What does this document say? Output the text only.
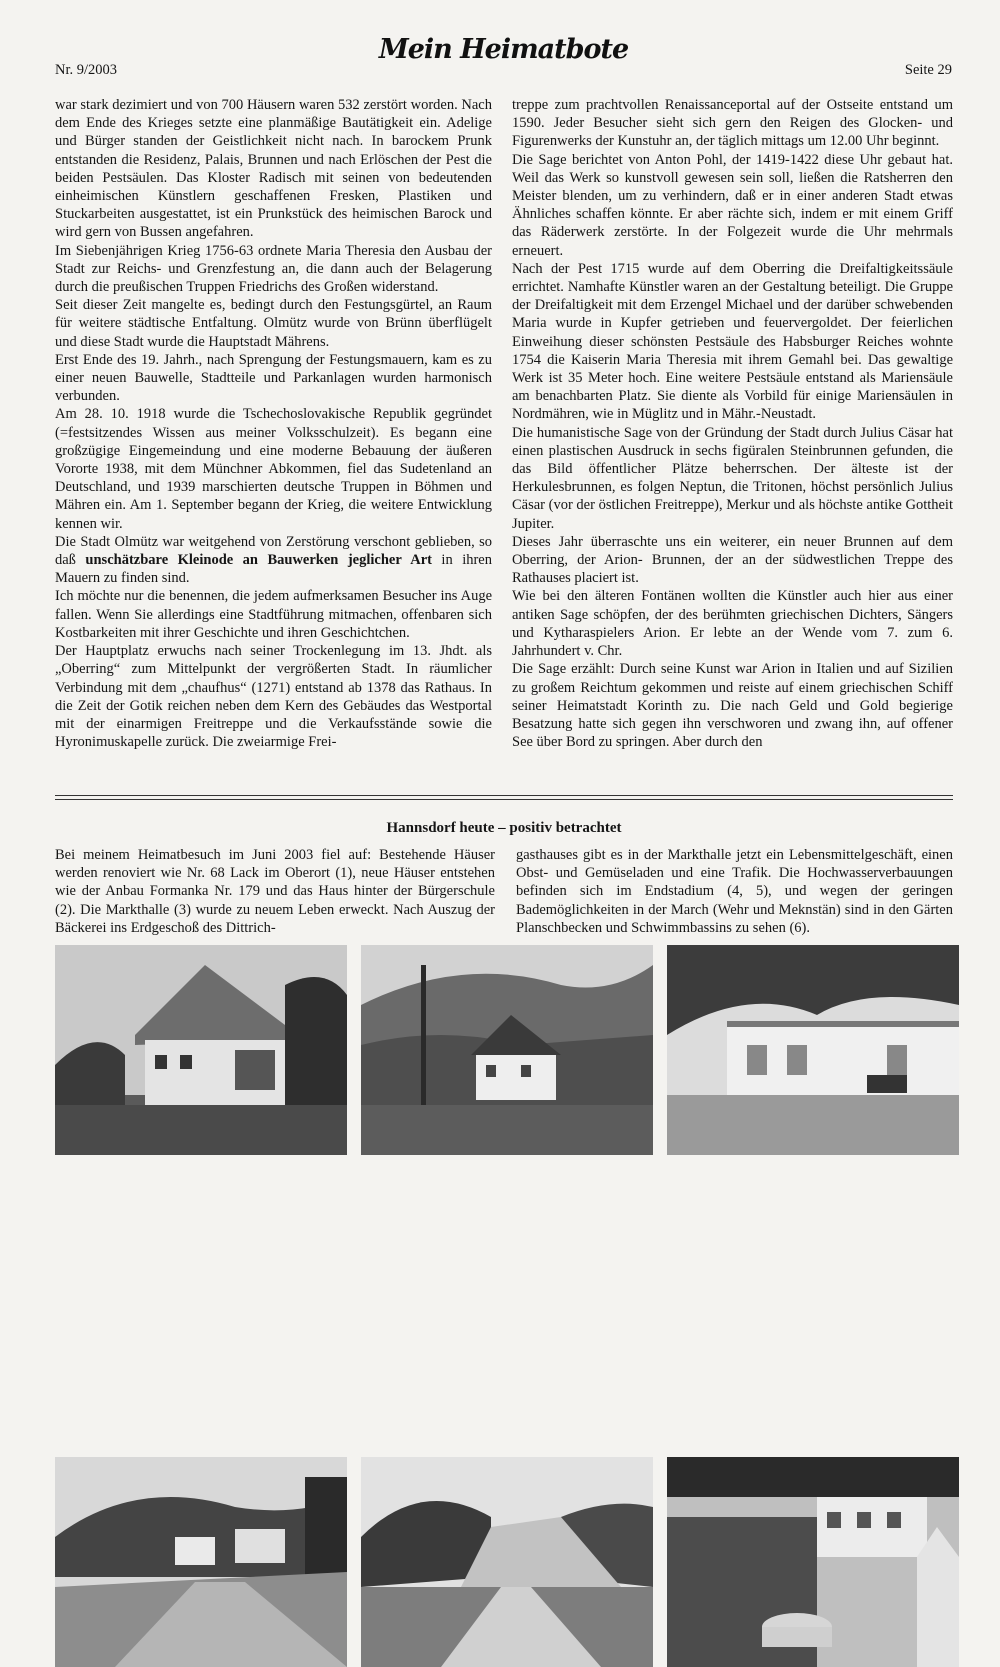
Nr. 9/2003
Mein Heimatbote
Seite 29

war stark dezimiert und von 700 Häusern waren 532 zerstört worden. Nach dem Ende des Krieges setzte eine planmäßige Bautätigkeit ein. Adelige und Bürger standen der Geistlichkeit nicht nach. In barockem Prunk entstanden die Residenz, Palais, Brunnen und nach Erlöschen der Pest die beiden Pestsäulen. Das Kloster Radisch mit seinen von bedeutenden einheimischen Künstlern geschaffenen Fresken, Plastiken und Stuckarbeiten ausgestattet, ist ein Prunkstück des heimischen Barock und wird gern von Bussen angefahren.

Im Siebenjährigen Krieg 1756-63 ordnete Maria Theresia den Ausbau der Stadt zur Reichs- und Grenzfestung an, die dann auch der Belagerung durch die preußischen Truppen Friedrichs des Großen widerstand.

Seit dieser Zeit mangelte es, bedingt durch den Festungsgürtel, an Raum für weitere städtische Entfaltung. Olmütz wurde von Brünn überflügelt und diese Stadt wurde die Hauptstadt Mährens.

Erst Ende des 19. Jahrh., nach Sprengung der Festungsmauern, kam es zu einer neuen Bauwelle, Stadtteile und Parkanlagen wurden harmonisch verbunden.

Am 28. 10. 1918 wurde die Tschechoslovakische Republik gegründet (=festsitzendes Wissen aus meiner Volksschulzeit). Es begann eine großzügige Eingemeindung und eine moderne Bebauung der äußeren Vororte 1938, mit dem Münchner Abkommen, fiel das Sudetenland an Deutschland, und 1939 marschierten deutsche Truppen in Böhmen und Mähren ein. Am 1. September begann der Krieg, die weitere Entwicklung kennen wir.

Die Stadt Olmütz war weitgehend von Zerstörung verschont geblieben, so daß unschätzbare Kleinode an Bauwerken jeglicher Art in ihren Mauern zu finden sind.

Ich möchte nur die benennen, die jedem aufmerksamen Besucher ins Auge fallen. Wenn Sie allerdings eine Stadtführung mitmachen, offenbaren sich Kostbarkeiten mit ihrer Geschichte und ihren Geschichtchen.

Der Hauptplatz erwuchs nach seiner Trockenlegung im 13. Jhdt. als „Oberring“ zum Mittelpunkt der vergrößerten Stadt. In räumlicher Verbindung mit dem „chaufhus“ (1271) entstand ab 1378 das Rathaus. In die Zeit der Gotik reichen neben dem Kern des Gebäudes das Westportal mit der einarmigen Freitreppe und die Verkaufsstände sowie die Hyronimuskapelle zurück. Die zweiarmige Frei-

treppe zum prachtvollen Renaissanceportal auf der Ostseite entstand um 1590. Jeder Besucher sieht sich gern den Reigen des Glocken- und Figurenwerks der Kunstuhr an, der täglich mittags um 12.00 Uhr beginnt.

Die Sage berichtet von Anton Pohl, der 1419-1422 diese Uhr gebaut hat. Weil das Werk so kunstvoll gewesen sein soll, ließen die Ratsherren den Meister blenden, um zu verhindern, daß er in einer anderen Stadt etwas Ähnliches schaffen könnte. Er aber rächte sich, indem er mit einem Griff das Räderwerk zerstörte. In der Folgezeit wurde die Uhr mehrmals erneuert.

Nach der Pest 1715 wurde auf dem Oberring die Dreifaltigkeitssäule errichtet. Namhafte Künstler waren an der Gestaltung beteiligt. Die Gruppe der Dreifaltigkeit mit dem Erzengel Michael und der darüber schwebenden Maria wurde in Kupfer getrieben und feuervergoldet. Der feierlichen Einweihung dieser schönsten Pestsäule des Habsburger Reiches wohnte 1754 die Kaiserin Maria Theresia mit ihrem Gemahl bei. Das gewaltige Werk ist 35 Meter hoch. Eine weitere Pestsäule entstand als Mariensäule am benachbarten Platz. Sie diente als Vorbild für einige Mariensäulen in Nordmähren, wie in Müglitz und in Mähr.-Neustadt.

Die humanistische Sage von der Gründung der Stadt durch Julius Cäsar hat einen plastischen Ausdruck in sechs figüralen Steinbrunnen gefunden, die das Bild öffentlicher Plätze beherrschen. Der älteste ist der Herkulesbrunnen, es folgen Neptun, die Tritonen, höchst persönlich Julius Cäsar (vor der östlichen Freitreppe), Merkur und als höchste antike Gottheit Jupiter.

Dieses Jahr überraschte uns ein weiterer, ein neuer Brunnen auf dem Oberring, der Arion- Brunnen, der an der südwestlichen Treppe des Rathauses placiert ist.

Wie bei den älteren Fontänen wollten die Künstler auch hier aus einer antiken Sage schöpfen, der des berühmten griechischen Dichters, Sängers und Kytharaspielers Arion. Er lebte an der Wende vom 7. zum 6. Jahrhundert v. Chr.

Die Sage erzählt: Durch seine Kunst war Arion in Italien und auf Sizilien zu großem Reichtum gekommen und reiste auf einem griechischen Schiff seiner Heimatstadt Korinth zu. Die nach Geld und Gold begierige Besatzung hatte sich gegen ihn verschworen und zwang ihn, auf offener See über Bord zu springen. Aber durch den

Hannsdorf heute – positiv betrachtet

Bei meinem Heimatbesuch im Juni 2003 fiel auf: Bestehende Häuser werden renoviert wie Nr. 68 Lack im Oberort (1), neue Häuser entstehen wie der Anbau Formanka Nr. 179 und das Haus hinter der Bürgerschule (2). Die Markthalle (3) wurde zu neuem Leben erweckt. Nach Auszug der Bäckerei ins Erdgeschoß des Dittrich-

gasthauses gibt es in der Markthalle jetzt ein Lebensmittelgeschäft, einen Obst- und Gemüseladen und eine Trafik. Die Hochwasserverbauungen befinden sich im Endstadium (4, 5), und wegen der geringen Bademöglichkeiten in der March (Wehr und Meknstän) sind in den Gärten Planschbecken und Schwimmbassins zu sehen (6).
